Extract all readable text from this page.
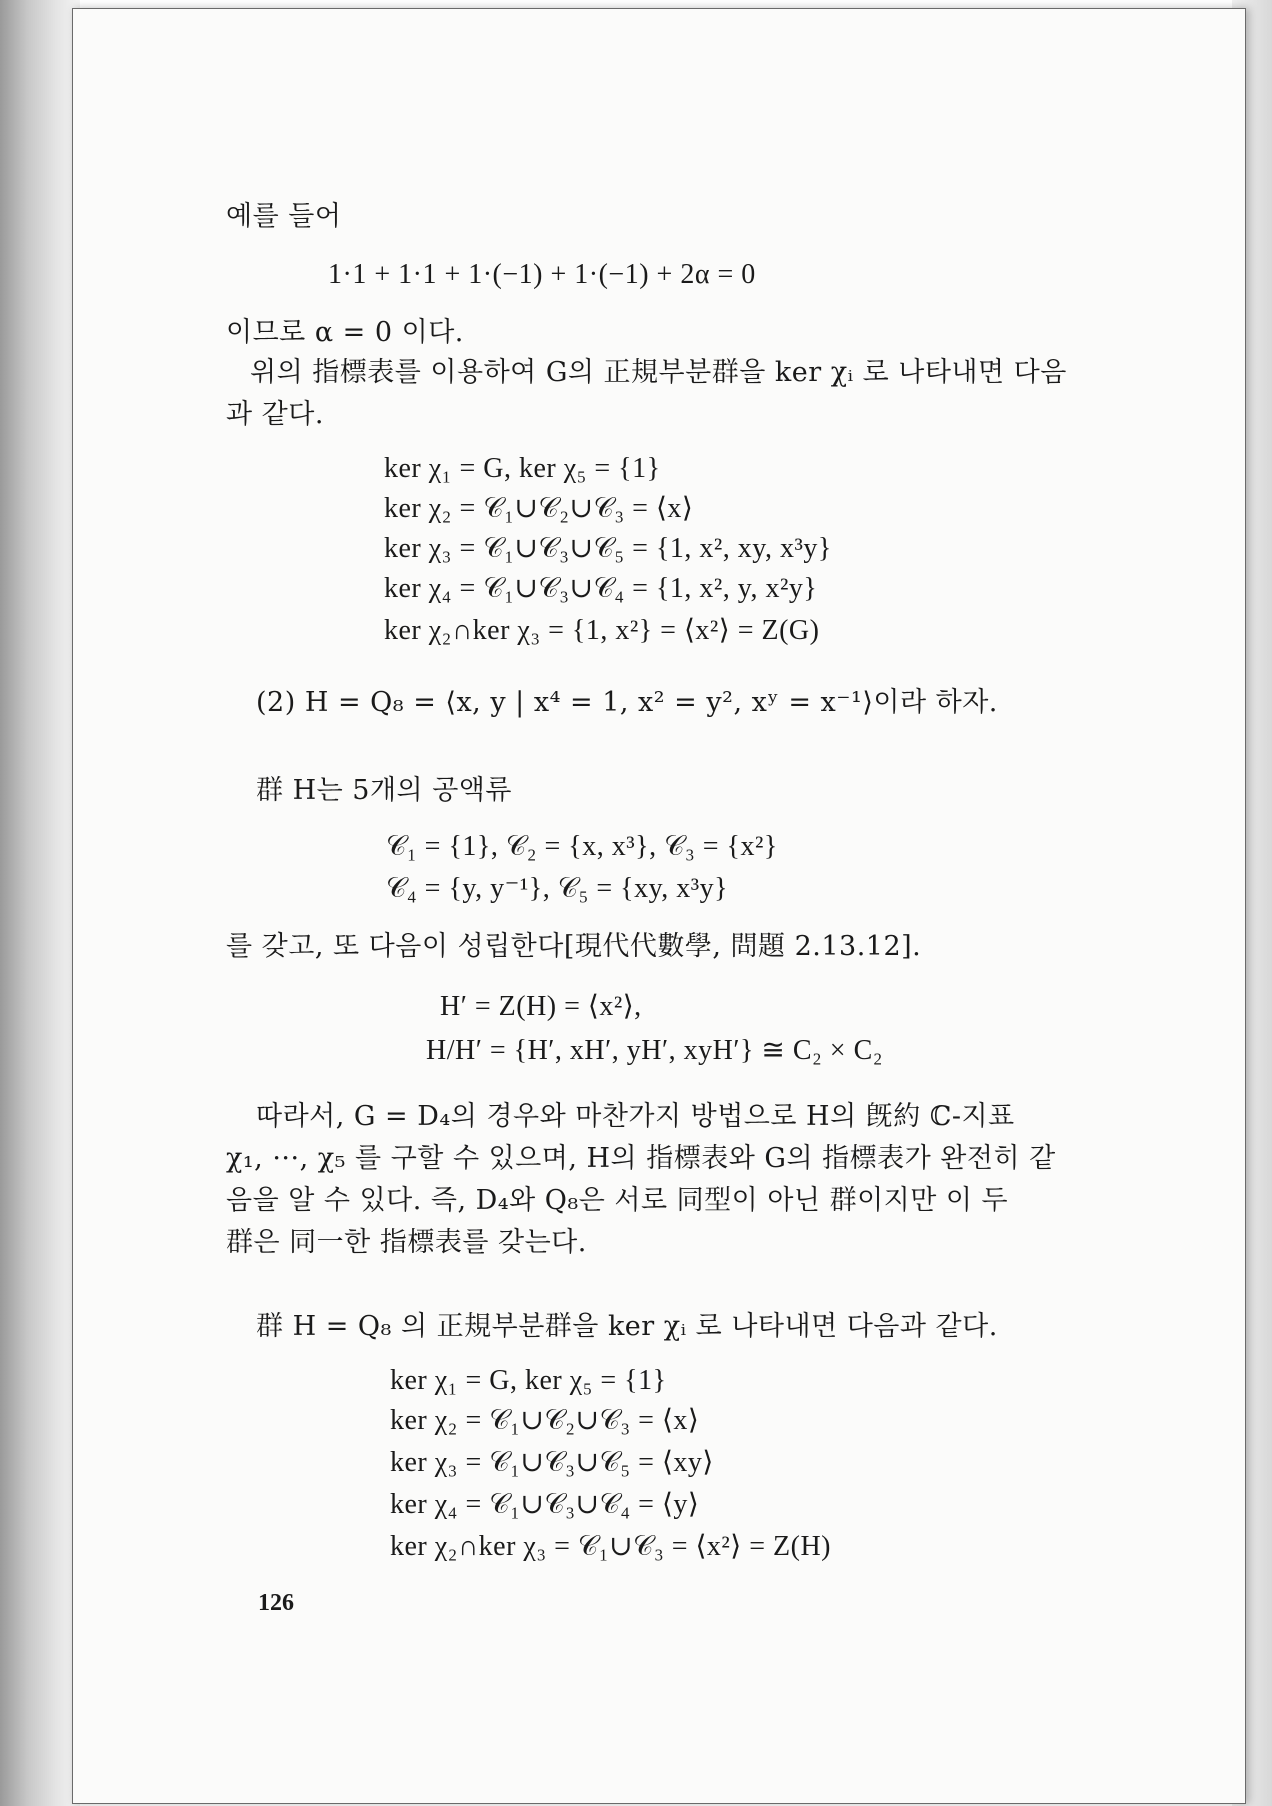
예를 들어
1·1 + 1·1 + 1·(−1) + 1·(−1) + 2α = 0
이므로 α = 0 이다.
위의 指標表를 이용하여 G의 正規부분群을 ker χᵢ 로 나타내면 다음
과 같다.
ker χ₁ = G, ker χ₅ = {1}
ker χ₂ = 𝒞₁∪𝒞₂∪𝒞₃ = ⟨x⟩
ker χ₃ = 𝒞₁∪𝒞₃∪𝒞₅ = {1, x², xy, x³y}
ker χ₄ = 𝒞₁∪𝒞₃∪𝒞₄ = {1, x², y, x²y}
ker χ₂∩ker χ₃ = {1, x²} = ⟨x²⟩ = Z(G)
(2) H = Q₈ = ⟨x, y | x⁴ = 1, x² = y², xʸ = x⁻¹⟩이라 하자.
群 H는 5개의 공액류
𝒞₁ = {1}, 𝒞₂ = {x, x³}, 𝒞₃ = {x²}
𝒞₄ = {y, y⁻¹}, 𝒞₅ = {xy, x³y}
를 갖고, 또 다음이 성립한다[現代代數學, 問題 2.13.12].
H′ = Z(H) = ⟨x²⟩,
H/H′ = {H′, xH′, yH′, xyH′} ≅ C₂ × C₂
따라서, G = D₄의 경우와 마찬가지 방법으로 H의 旣約 ℂ-지표
χ₁, ···, χ₅ 를 구할 수 있으며, H의 指標表와 G의 指標表가 완전히 같
음을 알 수 있다. 즉, D₄와 Q₈은 서로 同型이 아닌 群이지만 이 두
群은 同一한 指標表를 갖는다.
群 H = Q₈ 의 正規부분群을 ker χᵢ 로 나타내면 다음과 같다.
ker χ₁ = G, ker χ₅ = {1}
ker χ₂ = 𝒞₁∪𝒞₂∪𝒞₃ = ⟨x⟩
ker χ₃ = 𝒞₁∪𝒞₃∪𝒞₅ = ⟨xy⟩
ker χ₄ = 𝒞₁∪𝒞₃∪𝒞₄ = ⟨y⟩
ker χ₂∩ker χ₃ = 𝒞₁∪𝒞₃ = ⟨x²⟩ = Z(H)
126
